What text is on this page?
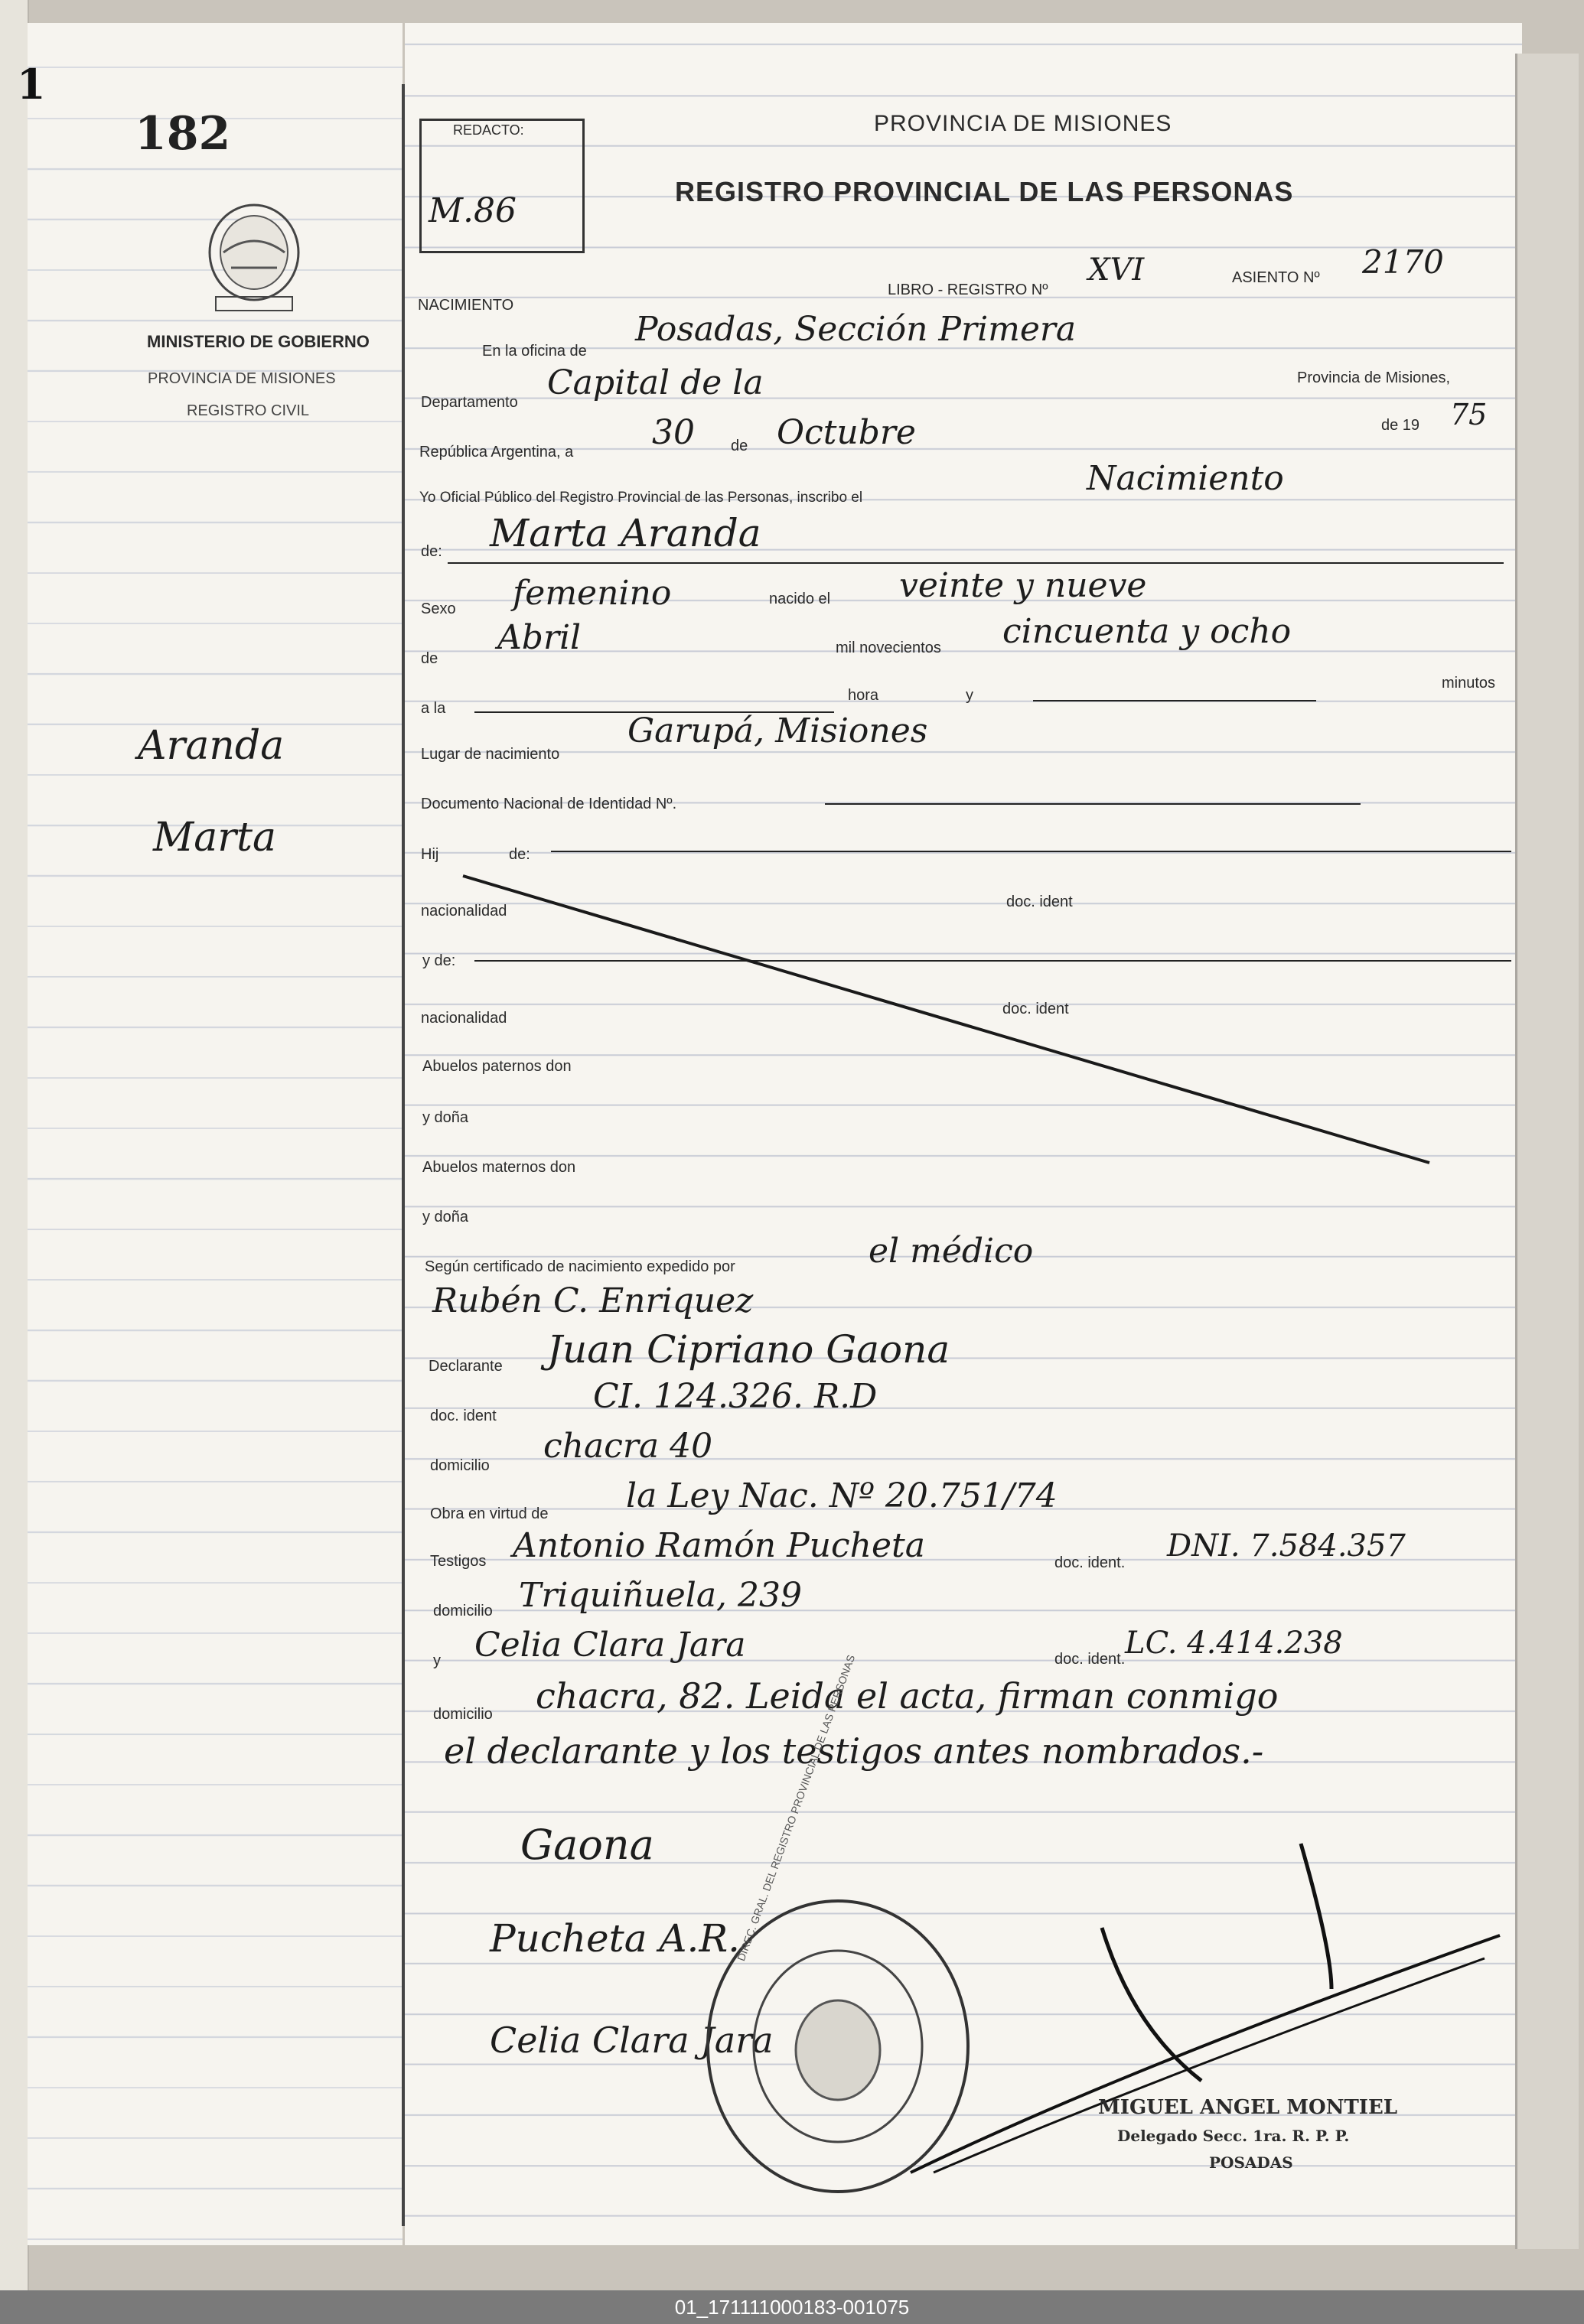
1
182
MINISTERIO DE GOBIERNO
PROVINCIA DE MISIONES
REGISTRO CIVIL
Aranda
Marta
REDACTO:
M.86
PROVINCIA DE MISIONES
REGISTRO PROVINCIAL DE LAS PERSONAS
NACIMIENTO
LIBRO - REGISTRO Nº
XVI	ASIENTO Nº 2170
En la oficina de
Posadas, Sección Primera
Departamento Capital de la	Provincia de Misiones,
República Argentina, a 30 de Octubre	de 19 75
Yo Oficial Público del Registro Provincial de las Personas, inscribo el	Nacimiento
de: Marta Aranda
Sexo femenino	nacido el veinte y nueve
de
Abril	mil novecientos cincuenta y ocho
a la
hora	y
minutos
Lugar de nacimiento
Garupá, Misiones
Documento Nacional de Identidad Nº.
Hij	de:
nacionalidad
doc. ident
y de:
nacionalidad
doc. ident
Abuelos paternos don
y doña
Abuelos maternos don
y doña
Según certificado de nacimiento expedido por	el médico
Rubén C. Enriquez
Declarante Juan Cipriano Gaona
doc. ident	CI. 124.326. R.D
domicilio chacra 40
Obra en virtud de la Ley Nac. Nº 20.751/74
Testigos Antonio Ramón Pucheta	doc. ident. DNI. 7.584.357
domicilio Triquiñuela, 239
y Celia Clara Jara	doc. ident. LC. 4.414.238
domicilio chacra, 82. Leida el acta, firman conmigo
el declarante y los testigos antes nombrados.-
Gaona
Pucheta A.R.
Celia Clara Jara
DIREC. GRAL. DEL REGISTRO PROVINCIAL DE LAS PERSONAS
MIGUEL ANGEL MONTIEL
Delegado Secc. 1ra. R. P. P.
POSADAS
01_171111000183-001075
